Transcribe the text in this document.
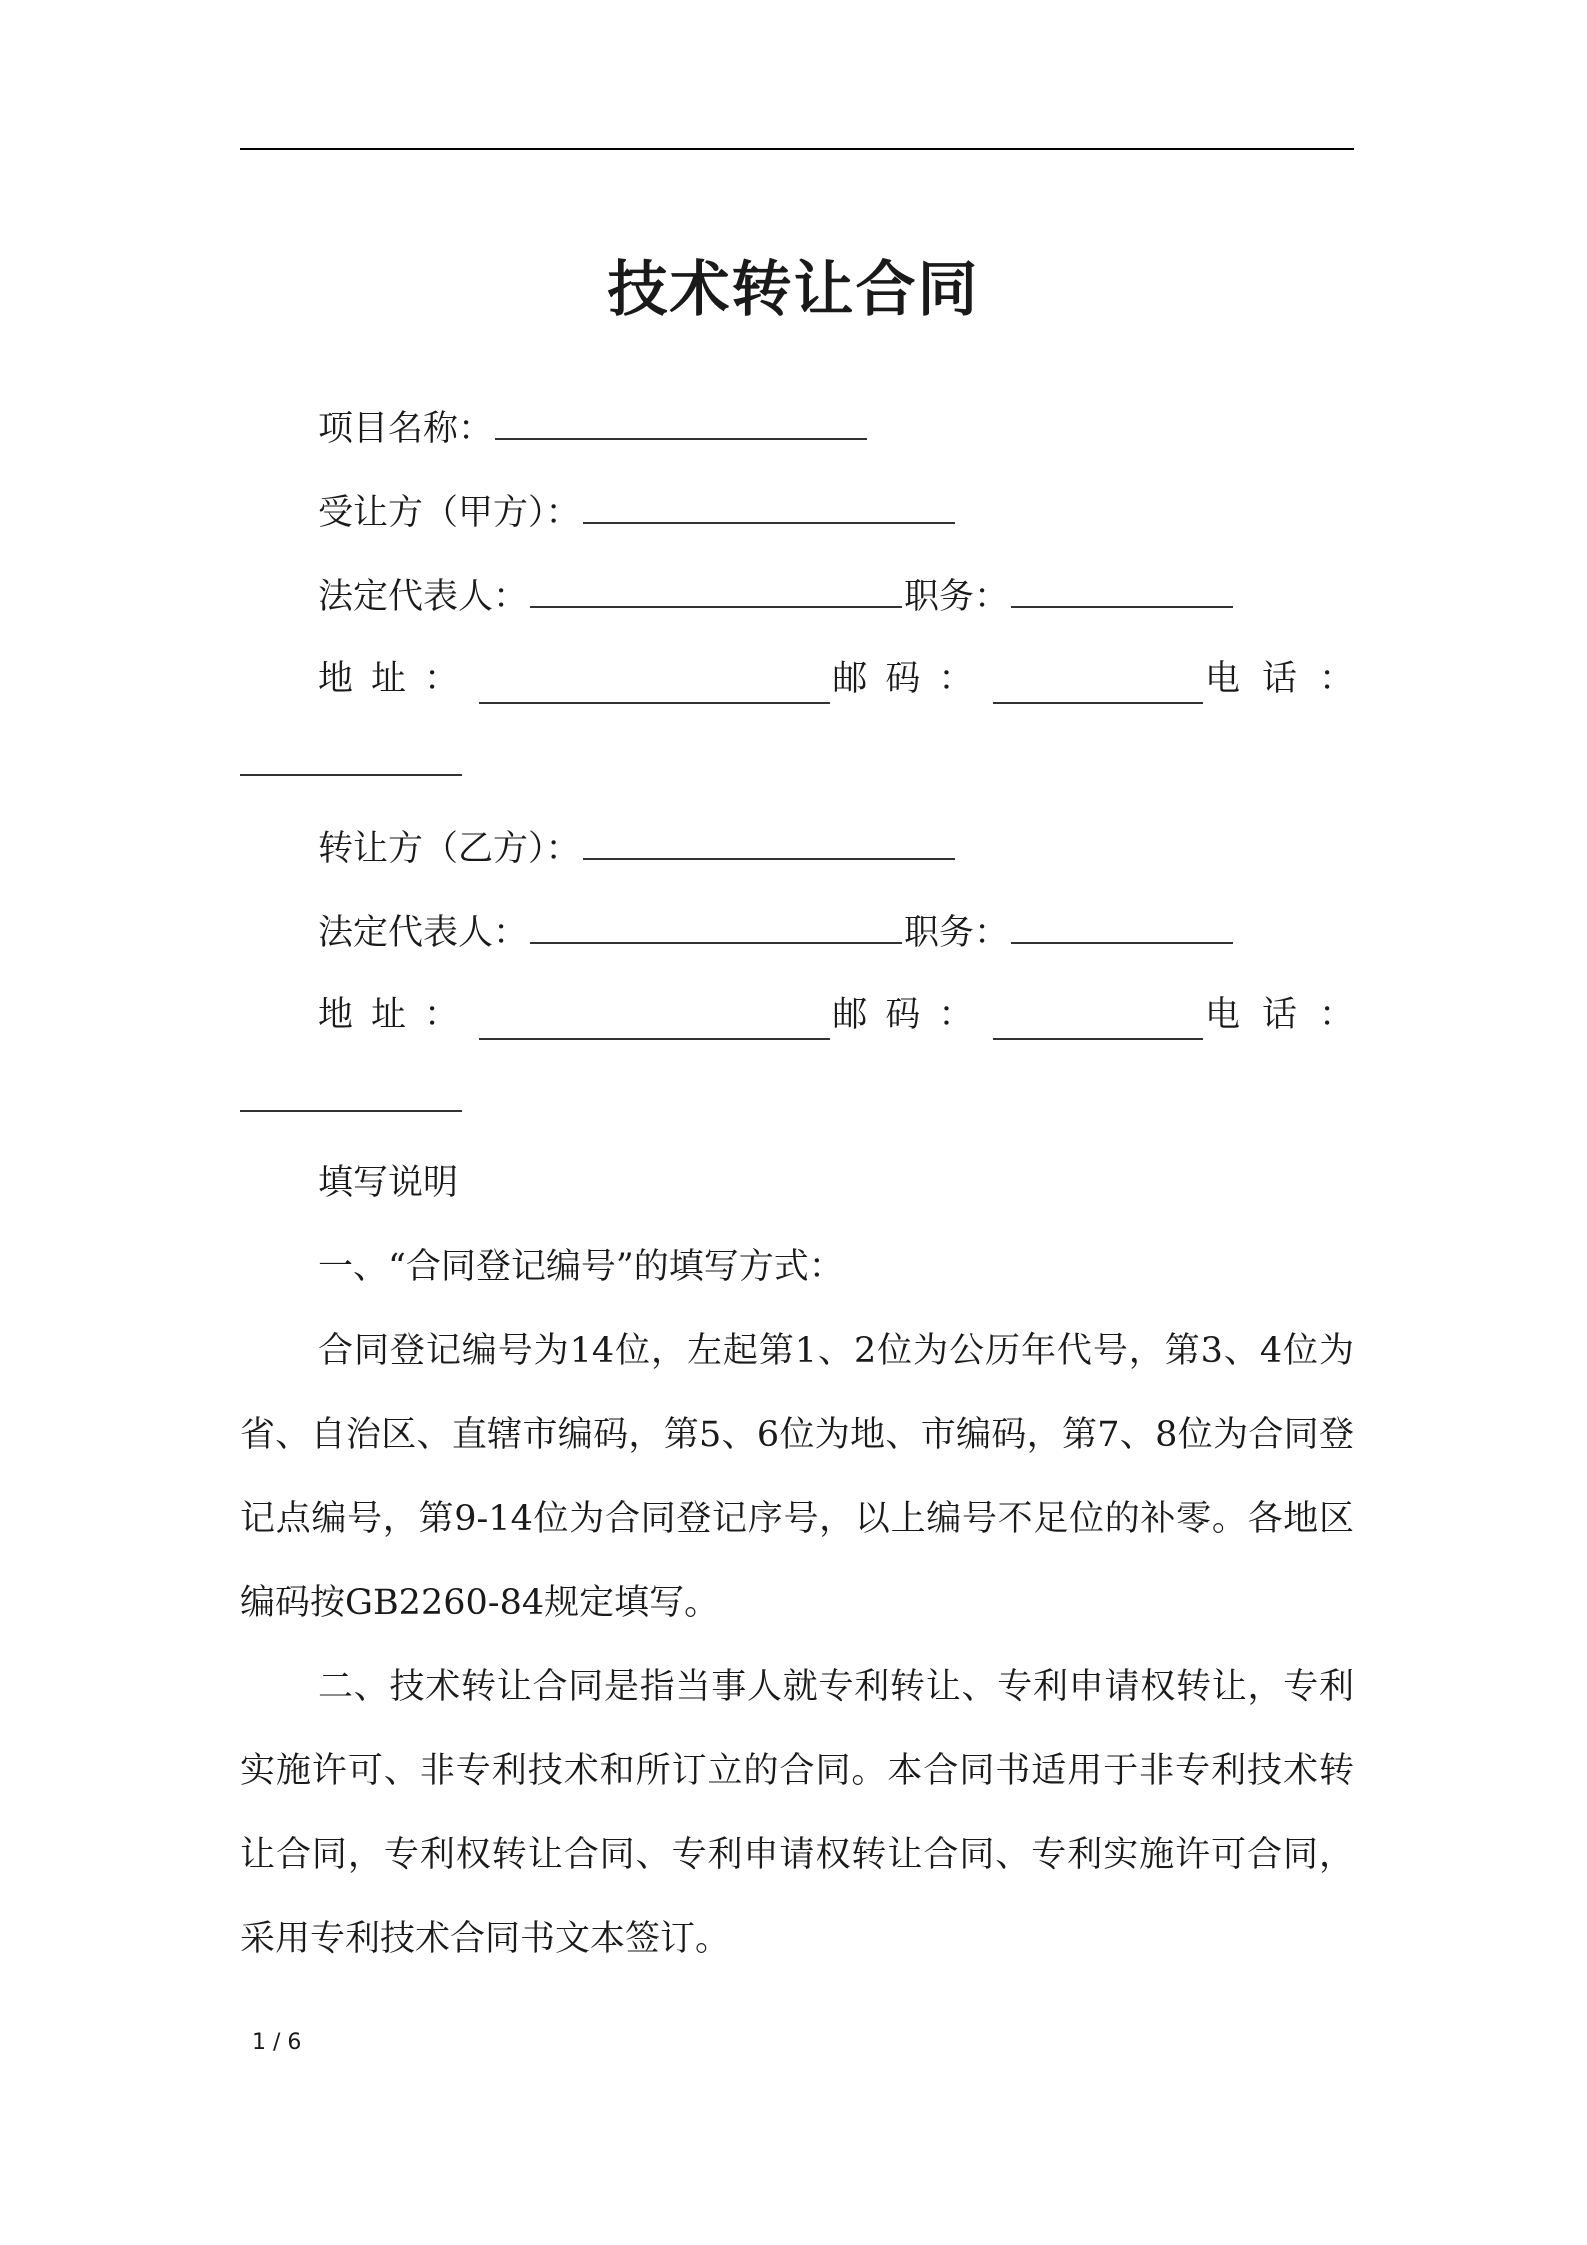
技术转让合同
项目名称：
受让方（甲方）：
法定代表人：	职务：
地址：	邮码：	电话：
转让方（乙方）：
法定代表人：	职务：
地址：	邮码：	电话：
填写说明
一、“合同登记编号”的填写方式：
合同登记编号为14位，左起第1、2位为公历年代号，第3、4位为省、自治区、直辖市编码，第5、6位为地、市编码，第7、8位为合同登记点编号，第9-14位为合同登记序号，以上编号不足位的补零。各地区编码按GB2260-84规定填写。
二、技术转让合同是指当事人就专利转让、专利申请权转让，专利实施许可、非专利技术和所订立的合同。本合同书适用于非专利技术转让合同，专利权转让合同、专利申请权转让合同、专利实施许可合同，采用专利技术合同书文本签订。
1 / 6
